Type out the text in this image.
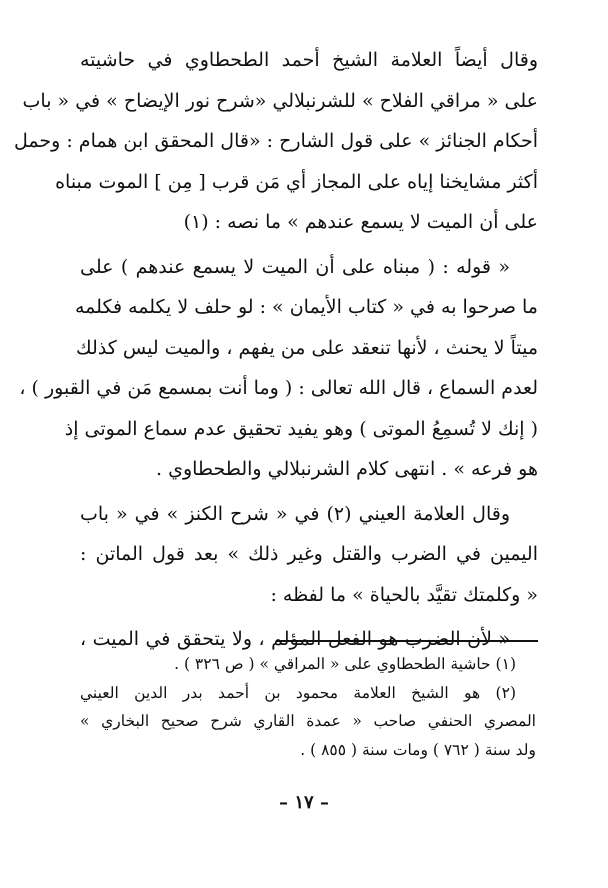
وقال أيضاً العلامة الشيخ أحمد الطحطاوي في حاشيته
على « مراقي الفلاح » للشرنبلالي «شرح نور الإيضاح » في « باب
أحكام الجنائز » على قول الشارح : «قال المحقق ابن همام : وحمل
أكثر مشايخنا إياه على المجاز أي مَن قرب [ مِن ] الموت مبناه
على أن الميت لا يسمع عندهم » ما نصه : (١)
« قوله : ( مبناه على أن الميت لا يسمع عندهم ) على
ما صرحوا به في « كتاب الأيمان » : لو حلف لا يكلمه فكلمه
ميتاً لا يحنث ، لأنها تنعقد على من يفهم ، والميت ليس كذلك
لعدم السماع ، قال الله تعالى : ( وما أنت بمسمع مَن في القبور ) ،
( إنك لا تُسمِعُ الموتى ) وهو يفيد تحقيق عدم سماع الموتى إذ
هو فرعه » . انتهى كلام الشرنبلالي والطحطاوي .
وقال العلامة العيني (٢) في « شرح الكنز » في « باب
اليمين في الضرب والقتل وغير ذلك » بعد قول الماتن :
« وكلمتك تقيَّد بالحياة » ما لفظه :
« لأن الضرب هو الفعل المؤلم ، ولا يتحقق في الميت ،
(١) حاشية الطحطاوي على « المراقي » ( ص ٣٢٦ ) .
(٢) هو الشيخ العلامة محمود بن أحمد بدر الدين العيني
المصري الحنفي صاحب « عمدة القاري شرح صحيح البخاري »
ولد سنة ( ٧٦٢ ) ومات سنة ( ٨٥٥ ) .
– ١٧ –
